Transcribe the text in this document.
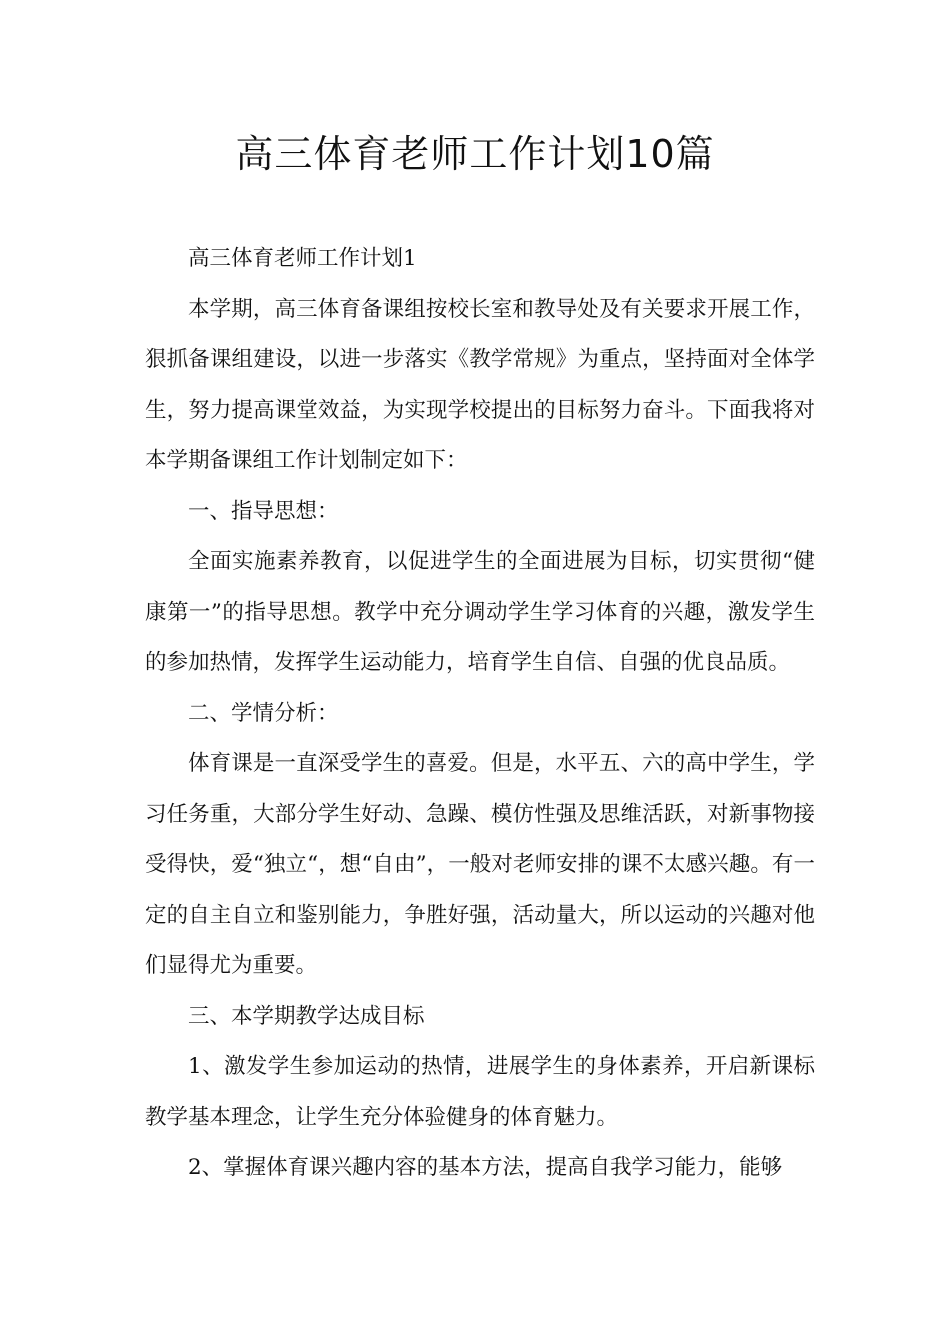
高三体育老师工作计划10篇

高三体育老师工作计划1

本学期，高三体育备课组按校长室和教导处及有关要求开展工作，狠抓备课组建设，以进一步落实《教学常规》为重点，坚持面对全体学生，努力提高课堂效益，为实现学校提出的目标努力奋斗。下面我将对本学期备课组工作计划制定如下：

一、指导思想：

全面实施素养教育，以促进学生的全面进展为目标，切实贯彻“健康第一”的指导思想。教学中充分调动学生学习体育的兴趣，激发学生的参加热情，发挥学生运动能力，培育学生自信、自强的优良品质。

二、学情分析：

体育课是一直深受学生的喜爱。但是，水平五、六的高中学生，学习任务重，大部分学生好动、急躁、模仿性强及思维活跃，对新事物接受得快，爱“独立“，想“自由”，一般对老师安排的课不太感兴趣。有一定的自主自立和鉴别能力，争胜好强，活动量大，所以运动的兴趣对他们显得尤为重要。

三、本学期教学达成目标

1、激发学生参加运动的热情，进展学生的身体素养，开启新课标教学基本理念，让学生充分体验健身的体育魅力。

2、掌握体育课兴趣内容的基本方法，提高自我学习能力，能够
